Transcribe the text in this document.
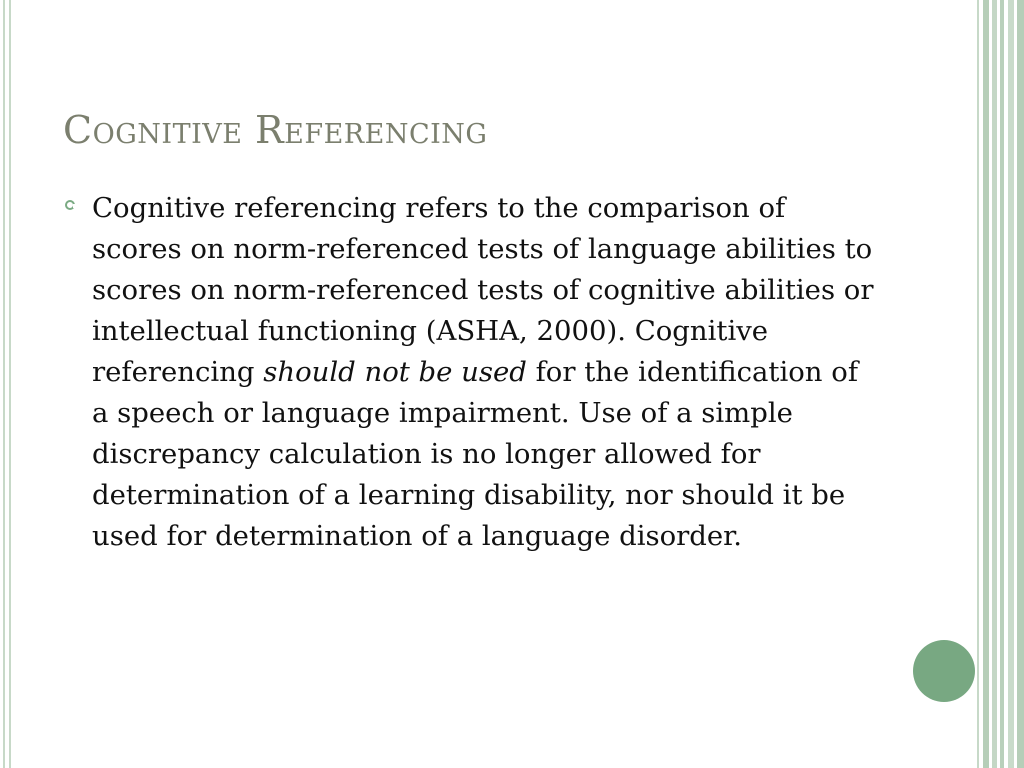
Cognitive Referencing

Cognitive referencing refers to the comparison of scores on norm-referenced tests of language abilities to scores on norm-referenced tests of cognitive abilities or intellectual functioning (ASHA, 2000). Cognitive referencing should not be used for the identification of a speech or language impairment. Use of a simple discrepancy calculation is no longer allowed for determination of a learning disability, nor should it be used for determination of a language disorder.
